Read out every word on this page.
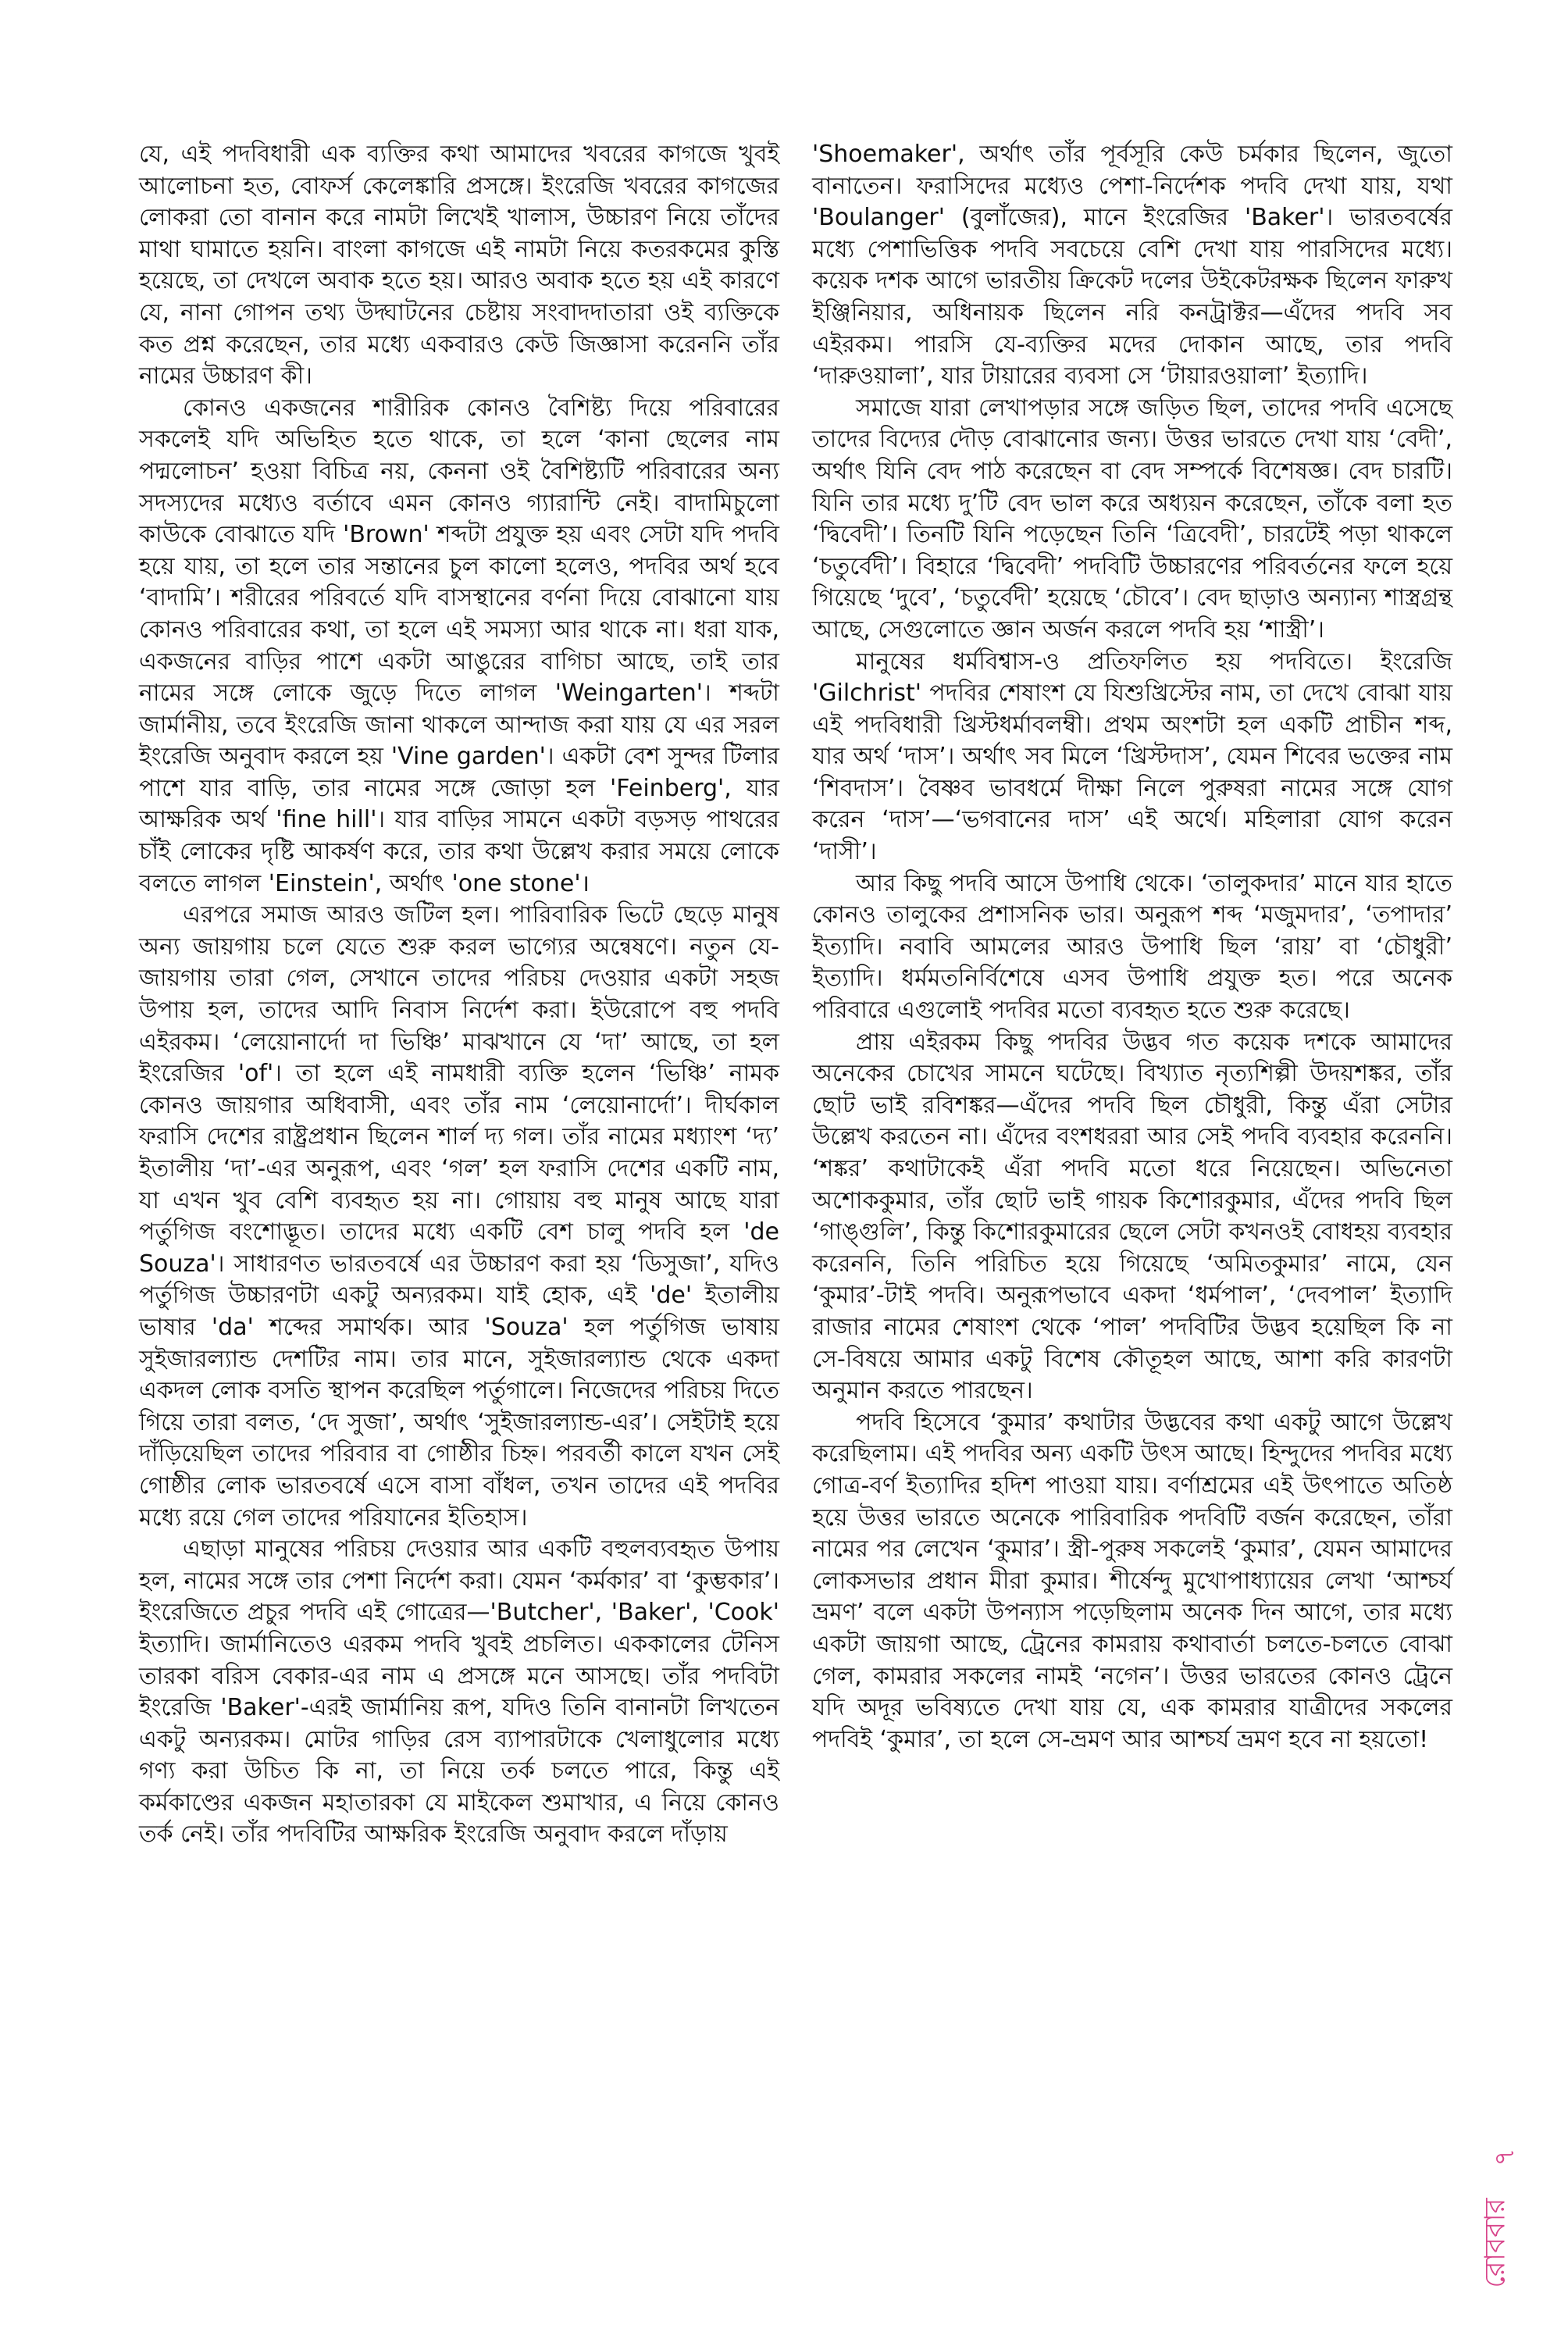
যে, এই পদবিধারী এক ব্যক্তির কথা আমাদের খবরের কাগজে খুবই আলোচনা হত, বোফর্স কেলেঙ্কারি প্রসঙ্গে। ইংরেজি খবরের কাগজের লোকরা তো বানান করে নামটা লিখেই খালাস, উচ্চারণ নিয়ে তাঁদের মাথা ঘামাতে হয়নি। বাংলা কাগজে এই নামটা নিয়ে কতরকমের কুস্তি হয়েছে, তা দেখলে অবাক হতে হয়। আরও অবাক হতে হয় এই কারণে যে, নানা গোপন তথ্য উদ্ঘাটনের চেষ্টায় সংবাদদাতারা ওই ব্যক্তিকে কত প্রশ্ন করেছেন, তার মধ্যে একবারও কেউ জিজ্ঞাসা করেননি তাঁর নামের উচ্চারণ কী।

কোনও একজনের শারীরিক কোনও বৈশিষ্ট্য দিয়ে পরিবারের সকলেই যদি অভিহিত হতে থাকে, তা হলে ‘কানা ছেলের নাম পদ্মলোচন’ হওয়া বিচিত্র নয়, কেননা ওই বৈশিষ্ট্যটি পরিবারের অন্য সদস্যদের মধ্যেও বর্তাবে এমন কোনও গ্যারান্টি নেই। বাদামিচুলো কাউকে বোঝাতে যদি 'Brown' শব্দটা প্রযুক্ত হয় এবং সেটা যদি পদবি হয়ে যায়, তা হলে তার সন্তানের চুল কালো হলেও, পদবির অর্থ হবে ‘বাদামি’। শরীরের পরিবর্তে যদি বাসস্থানের বর্ণনা দিয়ে বোঝানো যায় কোনও পরিবারের কথা, তা হলে এই সমস্যা আর থাকে না। ধরা যাক, একজনের বাড়ির পাশে একটা আঙুরের বাগিচা আছে, তাই তার নামের সঙ্গে লোকে জুড়ে দিতে লাগল 'Weingarten'। শব্দটা জার্মানীয়, তবে ইংরেজি জানা থাকলে আন্দাজ করা যায় যে এর সরল ইংরেজি অনুবাদ করলে হয় 'Vine garden'। একটা বেশ সুন্দর টিলার পাশে যার বাড়ি, তার নামের সঙ্গে জোড়া হল 'Feinberg', যার আক্ষরিক অর্থ 'fine hill'। যার বাড়ির সামনে একটা বড়সড় পাথরের চাঁই লোকের দৃষ্টি আকর্ষণ করে, তার কথা উল্লেখ করার সময়ে লোকে বলতে লাগল 'Einstein', অর্থাৎ 'one stone'।

এরপরে সমাজ আরও জটিল হল। পারিবারিক ভিটে ছেড়ে মানুষ অন্য জায়গায় চলে যেতে শুরু করল ভাগ্যের অন্বেষণে। নতুন যে-জায়গায় তারা গেল, সেখানে তাদের পরিচয় দেওয়ার একটা সহজ উপায় হল, তাদের আদি নিবাস নির্দেশ করা। ইউরোপে বহু পদবি এইরকম। ‘লেয়োনার্দো দা ভিঞ্চি’ মাঝখানে যে ‘দা’ আছে, তা হল ইংরেজির 'of'। তা হলে এই নামধারী ব্যক্তি হলেন ‘ভিঞ্চি’ নামক কোনও জায়গার অধিবাসী, এবং তাঁর নাম ‘লেয়োনার্দো’। দীর্ঘকাল ফরাসি দেশের রাষ্ট্রপ্রধান ছিলেন শার্ল দ্য গল। তাঁর নামের মধ্যাংশ ‘দ্য’ ইতালীয় ‘দা’-এর অনুরূপ, এবং ‘গল’ হল ফরাসি দেশের একটি নাম, যা এখন খুব বেশি ব্যবহৃত হয় না। গোয়ায় বহু মানুষ আছে যারা পর্তুগিজ বংশোদ্ভূত। তাদের মধ্যে একটি বেশ চালু পদবি হল 'de Souza'। সাধারণত ভারতবর্ষে এর উচ্চারণ করা হয় ‘ডিসুজা’, যদিও পর্তুগিজ উচ্চারণটা একটু অন্যরকম। যাই হোক, এই 'de' ইতালীয় ভাষার 'da' শব্দের সমার্থক। আর 'Souza' হল পর্তুগিজ ভাষায় সুইজারল্যান্ড দেশটির নাম। তার মানে, সুইজারল্যান্ড থেকে একদা একদল লোক বসতি স্থাপন করেছিল পর্তুগালে। নিজেদের পরিচয় দিতে গিয়ে তারা বলত, ‘দে সুজা’, অর্থাৎ ‘সুইজারল্যান্ড-এর’। সেইটাই হয়ে দাঁড়িয়েছিল তাদের পরিবার বা গোষ্ঠীর চিহ্ন। পরবর্তী কালে যখন সেই গোষ্ঠীর লোক ভারতবর্ষে এসে বাসা বাঁধল, তখন তাদের এই পদবির মধ্যে রয়ে গেল তাদের পরিযানের ইতিহাস।

এছাড়া মানুষের পরিচয় দেওয়ার আর একটি বহুলব্যবহৃত উপায় হল, নামের সঙ্গে তার পেশা নির্দেশ করা। যেমন ‘কর্মকার’ বা ‘কুম্ভকার’। ইংরেজিতে প্রচুর পদবি এই গোত্রের—'Butcher', 'Baker', 'Cook' ইত্যাদি। জার্মানিতেও এরকম পদবি খুবই প্রচলিত। এককালের টেনিস তারকা বরিস বেকার-এর নাম এ প্রসঙ্গে মনে আসছে। তাঁর পদবিটা ইংরেজি 'Baker'-এরই জার্মানিয় রূপ, যদিও তিনি বানানটা লিখতেন একটু অন্যরকম। মোটর গাড়ির রেস ব্যাপারটাকে খেলাধুলোর মধ্যে গণ্য করা উচিত কি না, তা নিয়ে তর্ক চলতে পারে, কিন্তু এই কর্মকাণ্ডের একজন মহাতারকা যে মাইকেল শুমাখার, এ নিয়ে কোনও তর্ক নেই। তাঁর পদবিটির আক্ষরিক ইংরেজি অনুবাদ করলে দাঁড়ায়

'Shoemaker', অর্থাৎ তাঁর পূর্বসূরি কেউ চর্মকার ছিলেন, জুতো বানাতেন। ফরাসিদের মধ্যেও পেশা-নির্দেশক পদবি দেখা যায়, যথা 'Boulanger' (বুলাঁজের), মানে ইংরেজির 'Baker'। ভারতবর্ষের মধ্যে পেশাভিত্তিক পদবি সবচেয়ে বেশি দেখা যায় পারসিদের মধ্যে। কয়েক দশক আগে ভারতীয় ক্রিকেট দলের উইকেটরক্ষক ছিলেন ফারুখ ইঞ্জিনিয়ার, অধিনায়ক ছিলেন নরি কনট্রাক্টর—এঁদের পদবি সব এইরকম। পারসি যে-ব্যক্তির মদের দোকান আছে, তার পদবি ‘দারুওয়ালা’, যার টায়ারের ব্যবসা সে ‘টায়ারওয়ালা’ ইত্যাদি।

সমাজে যারা লেখাপড়ার সঙ্গে জড়িত ছিল, তাদের পদবি এসেছে তাদের বিদ্যের দৌড় বোঝানোর জন্য। উত্তর ভারতে দেখা যায় ‘বেদী’, অর্থাৎ যিনি বেদ পাঠ করেছেন বা বেদ সম্পর্কে বিশেষজ্ঞ। বেদ চারটি। যিনি তার মধ্যে দু’টি বেদ ভাল করে অধ্যয়ন করেছেন, তাঁকে বলা হত ‘দ্বিবেদী’। তিনটি যিনি পড়েছেন তিনি ‘ত্রিবেদী’, চারটেই পড়া থাকলে ‘চতুর্বেদী’। বিহারে ‘দ্বিবেদী’ পদবিটি উচ্চারণের পরিবর্তনের ফলে হয়ে গিয়েছে ‘দুবে’, ‘চতুর্বেদী’ হয়েছে ‘চৌবে’। বেদ ছাড়াও অন্যান্য শাস্ত্রগ্রন্থ আছে, সেগুলোতে জ্ঞান অর্জন করলে পদবি হয় ‘শাস্ত্রী’।

মানুষের ধর্মবিশ্বাস-ও প্রতিফলিত হয় পদবিতে। ইংরেজি 'Gilchrist' পদবির শেষাংশ যে যিশুখ্রিস্টের নাম, তা দেখে বোঝা যায় এই পদবিধারী খ্রিস্টধর্মাবলম্বী। প্রথম অংশটা হল একটি প্রাচীন শব্দ, যার অর্থ ‘দাস’। অর্থাৎ সব মিলে ‘খ্রিস্টদাস’, যেমন শিবের ভক্তের নাম ‘শিবদাস’। বৈষ্ণব ভাবধর্মে দীক্ষা নিলে পুরুষরা নামের সঙ্গে যোগ করেন ‘দাস’—‘ভগবানের দাস’ এই অর্থে। মহিলারা যোগ করেন ‘দাসী’।

আর কিছু পদবি আসে উপাধি থেকে। ‘তালুকদার’ মানে যার হাতে কোনও তালুকের প্রশাসনিক ভার। অনুরূপ শব্দ ‘মজুমদার’, ‘তপাদার’ ইত্যাদি। নবাবি আমলের আরও উপাধি ছিল ‘রায়’ বা ‘চৌধুরী’ ইত্যাদি। ধর্মমতনির্বিশেষে এসব উপাধি প্রযুক্ত হত। পরে অনেক পরিবারে এগুলোই পদবির মতো ব্যবহৃত হতে শুরু করেছে।

প্রায় এইরকম কিছু পদবির উদ্ভব গত কয়েক দশকে আমাদের অনেকের চোখের সামনে ঘটেছে। বিখ্যাত নৃত্যশিল্পী উদয়শঙ্কর, তাঁর ছোট ভাই রবিশঙ্কর—এঁদের পদবি ছিল চৌধুরী, কিন্তু এঁরা সেটার উল্লেখ করতেন না। এঁদের বংশধররা আর সেই পদবি ব্যবহার করেননি। ‘শঙ্কর’ কথাটাকেই এঁরা পদবি মতো ধরে নিয়েছেন। অভিনেতা অশোককুমার, তাঁর ছোট ভাই গায়ক কিশোরকুমার, এঁদের পদবি ছিল ‘গাঙ্গুলি’, কিন্তু কিশোরকুমারের ছেলে সেটা কখনওই বোধহয় ব্যবহার করেননি, তিনি পরিচিত হয়ে গিয়েছে ‘অমিতকুমার’ নামে, যেন ‘কুমার’-টাই পদবি। অনুরূপভাবে একদা ‘ধর্মপাল’, ‘দেবপাল’ ইত্যাদি রাজার নামের শেষাংশ থেকে ‘পাল’ পদবিটির উদ্ভব হয়েছিল কি না সে-বিষয়ে আমার একটু বিশেষ কৌতূহল আছে, আশা করি কারণটা অনুমান করতে পারছেন।

পদবি হিসেবে ‘কুমার’ কথাটার উদ্ভবের কথা একটু আগে উল্লেখ করেছিলাম। এই পদবির অন্য একটি উৎস আছে। হিন্দুদের পদবির মধ্যে গোত্র-বর্ণ ইত্যাদির হদিশ পাওয়া যায়। বর্ণাশ্রমের এই উৎপাতে অতিষ্ঠ হয়ে উত্তর ভারতে অনেকে পারিবারিক পদবিটি বর্জন করেছেন, তাঁরা নামের পর লেখেন ‘কুমার’। স্ত্রী-পুরুষ সকলেই ‘কুমার’, যেমন আমাদের লোকসভার প্রধান মীরা কুমার। শীর্ষেন্দু মুখোপাধ্যায়ের লেখা ‘আশ্চর্য ভ্রমণ’ বলে একটা উপন্যাস পড়েছিলাম অনেক দিন আগে, তার মধ্যে একটা জায়গা আছে, ট্রেনের কামরায় কথাবার্তা চলতে-চলতে বোঝা গেল, কামরার সকলের নামই ‘নগেন’। উত্তর ভারতের কোনও ট্রেনে যদি অদূর ভবিষ্যতে দেখা যায় যে, এক কামরার যাত্রীদের সকলের পদবিই ‘কুমার’, তা হলে সে-ভ্রমণ আর আশ্চর্য ভ্রমণ হবে না হয়তো!

৭
রোববার
